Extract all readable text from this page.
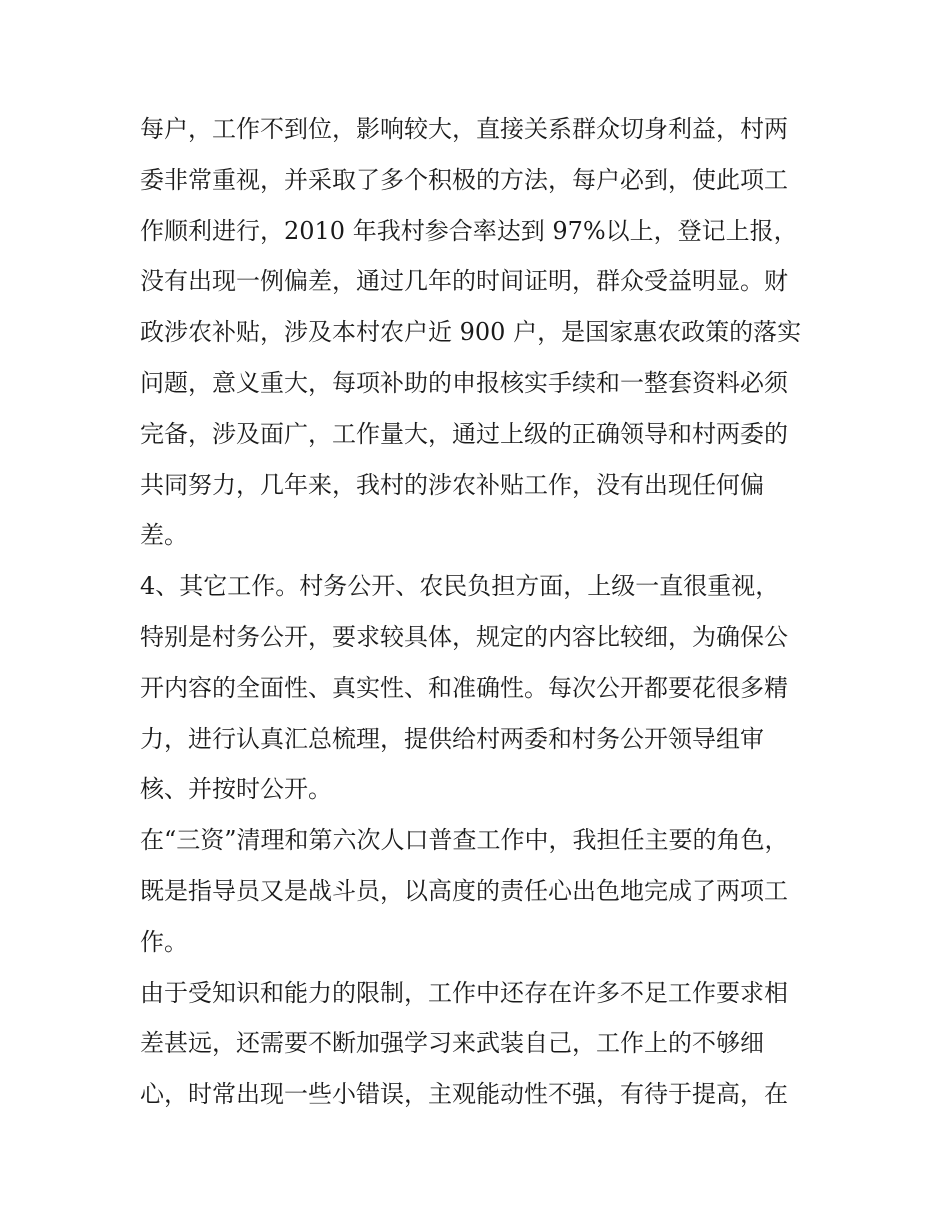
每户，工作不到位，影响较大，直接关系群众切身利益，村两
委非常重视，并采取了多个积极的方法，每户必到，使此项工
作顺利进行，2010 年我村参合率达到 97%以上，登记上报，
没有出现一例偏差，通过几年的时间证明，群众受益明显。财
政涉农补贴，涉及本村农户近 900 户，是国家惠农政策的落实
问题，意义重大，每项补助的申报核实手续和一整套资料必须
完备，涉及面广，工作量大，通过上级的正确领导和村两委的
共同努力，几年来，我村的涉农补贴工作，没有出现任何偏
差。
4、其它工作。村务公开、农民负担方面，上级一直很重视，
特别是村务公开，要求较具体，规定的内容比较细，为确保公
开内容的全面性、真实性、和准确性。每次公开都要花很多精
力，进行认真汇总梳理，提供给村两委和村务公开领导组审
核、并按时公开。
在“三资”清理和第六次人口普查工作中，我担任主要的角色，
既是指导员又是战斗员，以高度的责任心出色地完成了两项工
作。
由于受知识和能力的限制，工作中还存在许多不足工作要求相
差甚远，还需要不断加强学习来武装自己，工作上的不够细
心，时常出现一些小错误，主观能动性不强，有待于提高，在
